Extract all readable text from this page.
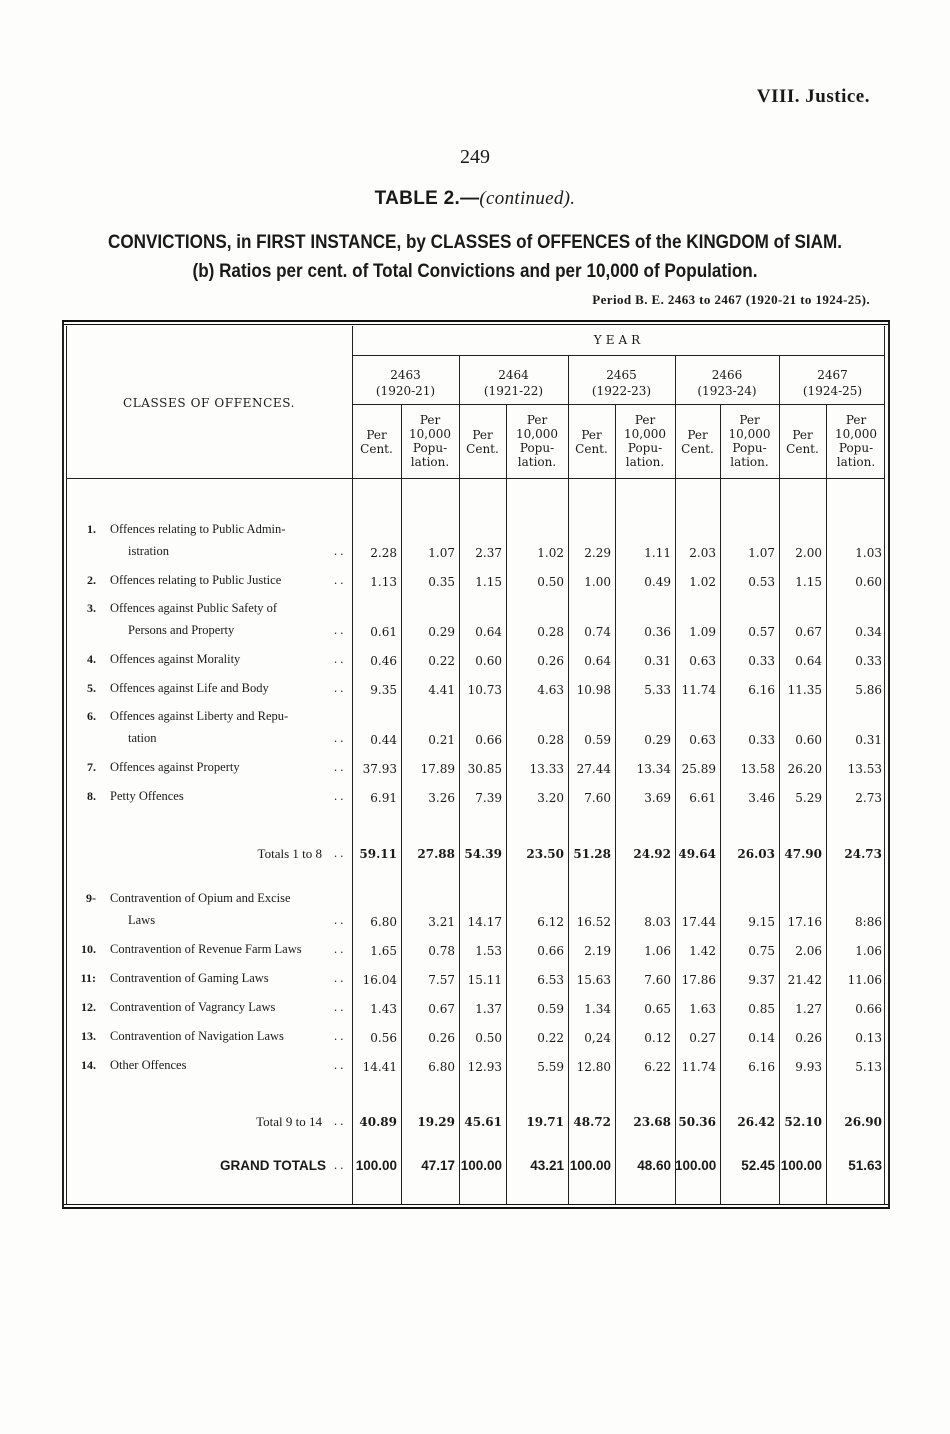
VIII. Justice.
249
TABLE 2.—(continued).
CONVICTIONS, in FIRST INSTANCE, by CLASSES of OFFENCES of the KINGDOM of SIAM.
(b) Ratios per cent. of Total Convictions and per 10,000 of Population.
Period B. E. 2463 to 2467 (1920-21 to 1924-25).
YEAR
CLASSES OF OFFENCES.
2463
(1920-21)
Per
Cent.
Per
10,000
Popu-
lation.
2464
(1921-22)
Per
Cent.
Per
10,000
Popu-
lation.
2465
(1922-23)
Per
Cent.
Per
10,000
Popu-
lation.
2466
(1923-24)
Per
Cent.
Per
10,000
Popu-
lation.
2467
(1924-25)
Per
Cent.
Per
10,000
Popu-
lation.
1. Offences relating to Public Admin-
istration	. .	2.28	1.07	2.37	1.02	2.29	1.11	2.03	1.07	2.00	1.03
2. Offences relating to Public Justice	. .	1.13	0.35	1.15	0.50	1.00	0.49	1.02	0.53	1.15	0.60
3. Offences against Public Safety of
Persons and Property	. .	0.61	0.29	0.64	0.28	0.74	0.36	1.09	0.57	0.67	0.34
4. Offences against Morality	. .	0.46	0.22	0.60	0.26	0.64	0.31	0.63	0.33	0.64	0.33
5. Offences against Life and Body	. .	9.35	4.41	10.73	4.63	10.98	5.33 11.74	6.16	11.35	5.86
6. Offences against Liberty and Repu-
tation	. .	0.44	0.21	0.66	0.28	0.59	0.29	0.63	0.33	0.60	0.31
7. Offences against Property	. .	37.93	17.89	30.85	13.33	27.44	13.34 25.89	13.58	26.20	13.53
8. Petty Offences	. .	6.91	3.26	7.39	3.20	7.60	3.69	6.61	3.46	5.29	2.73
Totals 1 to 8 . .	59.11	27.88 54.39	23.50 51.28	24.92 49.64	26.03 47.90	24.73
9- Contravention of Opium and Excise
Laws	. .	6.80	3.21	14.17	6.12	16.52	8.03 17.44	9.15	17.16	8:86
10. Contravention of Revenue Farm Laws	. .	1.65	0.78	1.53	0.66	2.19	1.06	1.42	0.75	2.06	1.06
11: Contravention of Gaming Laws	. .	16.04	7.57	15.11	6.53	15.63	7.60 17.86	9.37	21.42	11.06
12. Contravention of Vagrancy Laws	. .	1.43	0.67	1.37	0.59	1.34	0.65	1.63	0.85	1.27	0.66
13. Contravention of Navigation Laws	. .	0.56	0.26	0.50	0.22	0,24	0.12	0.27	0.14	0.26	0.13
14. Other Offences	. .	14.41	6.80	12.93	5.59	12.80	6.22 11.74	6.16	9.93	5.13
Total 9 to 14 . .	40.89	19.29 45.61	19.71 48.72	23.68 50.36	26.42 52.10	26.90
GRAND TOTALS . . 100.00	47.17 100.00	43.21 100.00	48.60 100.00	52.45 100.00	51.63
